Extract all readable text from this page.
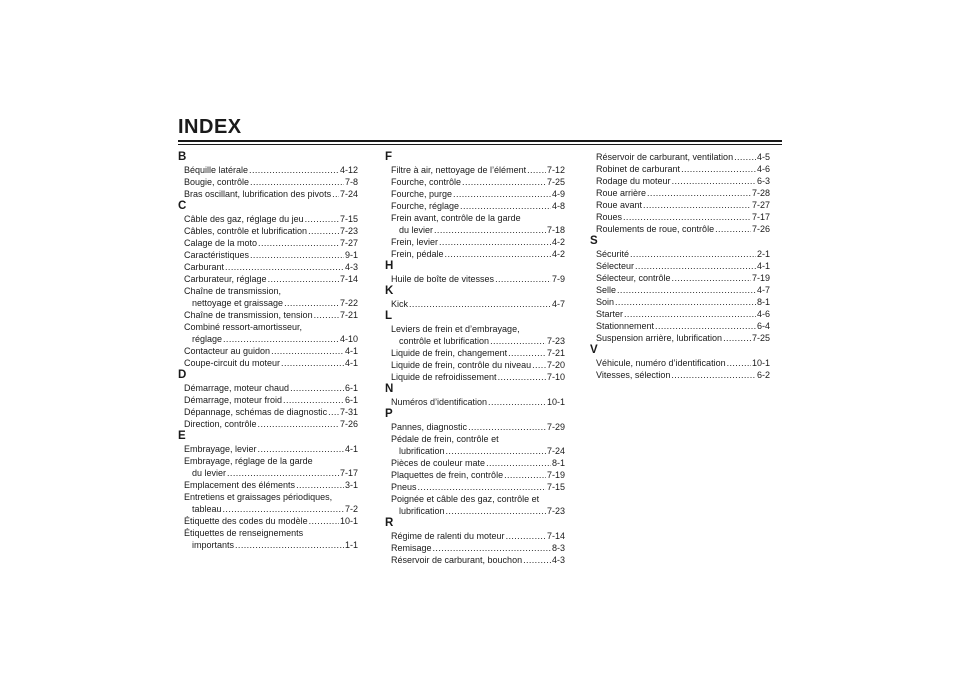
INDEX
B
Béquille latérale .....	4-12
Bougie, contrôle .....	7-8
Bras oscillant, lubrification des pivots ..... 7-24
C
Câble des gaz, réglage du jeu .....	7-15
Câbles, contrôle et lubrification .....	7-23
Calage de la moto .....	7-27
Caractéristiques .....	9-1
Carburant .....	4-3
Carburateur, réglage .....	7-14
Chaîne de transmission,
nettoyage et graissage .....	7-22
Chaîne de transmission, tension .....	7-21
Combiné ressort-amortisseur,
réglage .....	4-10
Contacteur au guidon .....	4-1
Coupe-circuit du moteur .....	4-1
D
Démarrage, moteur chaud .....	6-1
Démarrage, moteur froid .....	6-1
Dépannage, schémas de diagnostic ..... 7-31
Direction, contrôle .....	7-26
E
Embrayage, levier .....	4-1
Embrayage, réglage de la garde
du levier .....	7-17
Emplacement des éléments .....	3-1
Entretiens et graissages périodiques,
tableau .....	7-2
Étiquette des codes du modèle .....	10-1
Étiquettes de renseignements
importants .....	1-1
F
Filtre à air, nettoyage de l’élément ..... 7-12
Fourche, contrôle .....	7-25
Fourche, purge .....	4-9
Fourche, réglage .....	4-8
Frein avant, contrôle de la garde
du levier .....	7-18
Frein, levier .....	4-2
Frein, pédale .....	4-2
H
Huile de boîte de vitesses .....	7-9
K
Kick .....	4-7
L
Leviers de frein et d’embrayage,
contrôle et lubrification .....	7-23
Liquide de frein, changement .....	7-21
Liquide de frein, contrôle du niveau ..... 7-20
Liquide de refroidissement .....	7-10
N
Numéros d’identification .....	10-1
P
Pannes, diagnostic .....	7-29
Pédale de frein, contrôle et
lubrification .....	7-24
Pièces de couleur mate .....	8-1
Plaquettes de frein, contrôle .....	7-19
Pneus .....	7-15
Poignée et câble des gaz, contrôle et
lubrification .....	7-23
R
Régime de ralenti du moteur .....	7-14
Remisage .....	8-3
Réservoir de carburant, bouchon .....	4-3
Réservoir de carburant, ventilation .....	4-5
Robinet de carburant .....	4-6
Rodage du moteur .....	6-3
Roue arrière .....	7-28
Roue avant .....	7-27
Roues .....	7-17
Roulements de roue, contrôle .....	7-26
S
Sécurité .....	2-1
Sélecteur .....	4-1
Sélecteur, contrôle .....	7-19
Selle .....	4-7
Soin .....	8-1
Starter .....	4-6
Stationnement .....	6-4
Suspension arrière, lubrification .....	7-25
V
Véhicule, numéro d’identification .....	10-1
Vitesses, sélection .....	6-2
